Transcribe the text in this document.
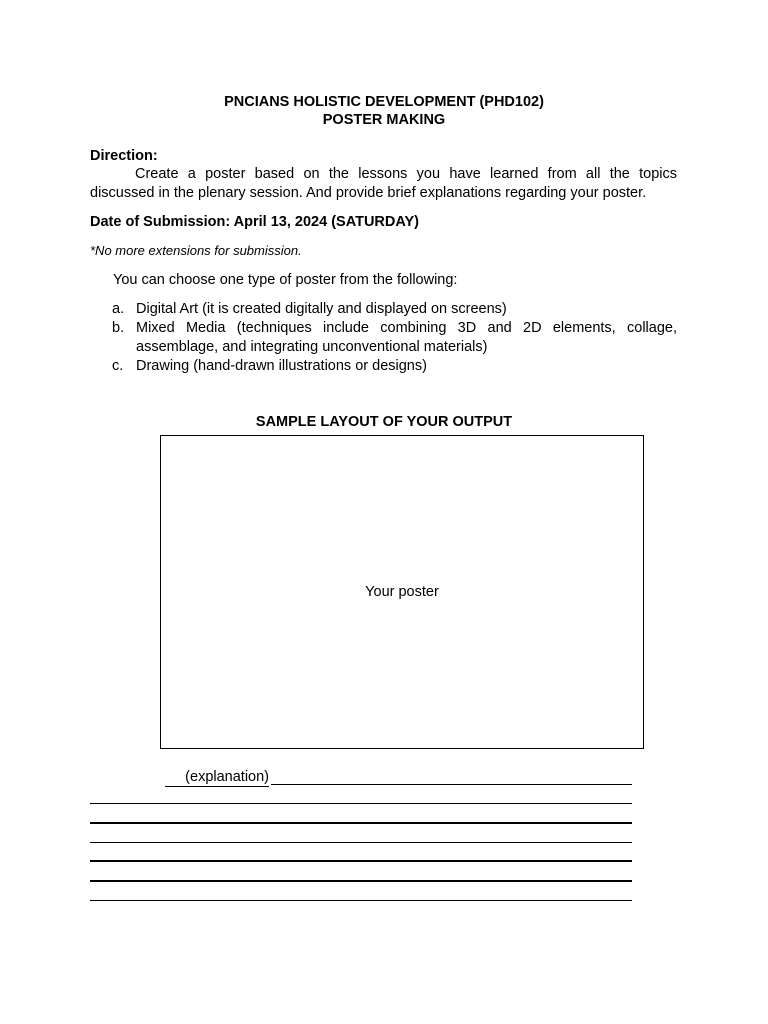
PNCIANS HOLISTIC DEVELOPMENT (PHD102)
POSTER MAKING
Direction:
Create a poster based on the lessons you have learned from all the topics discussed in the plenary session. And provide brief explanations regarding your poster.
Date of Submission: April 13, 2024 (SATURDAY)
*No more extensions for submission.
You can choose one type of poster from the following:
a. Digital Art (it is created digitally and displayed on screens)
b. Mixed Media (techniques include combining 3D and 2D elements, collage, assemblage, and integrating unconventional materials)
c. Drawing (hand-drawn illustrations or designs)
SAMPLE LAYOUT OF YOUR OUTPUT
Your poster
(explanation)
